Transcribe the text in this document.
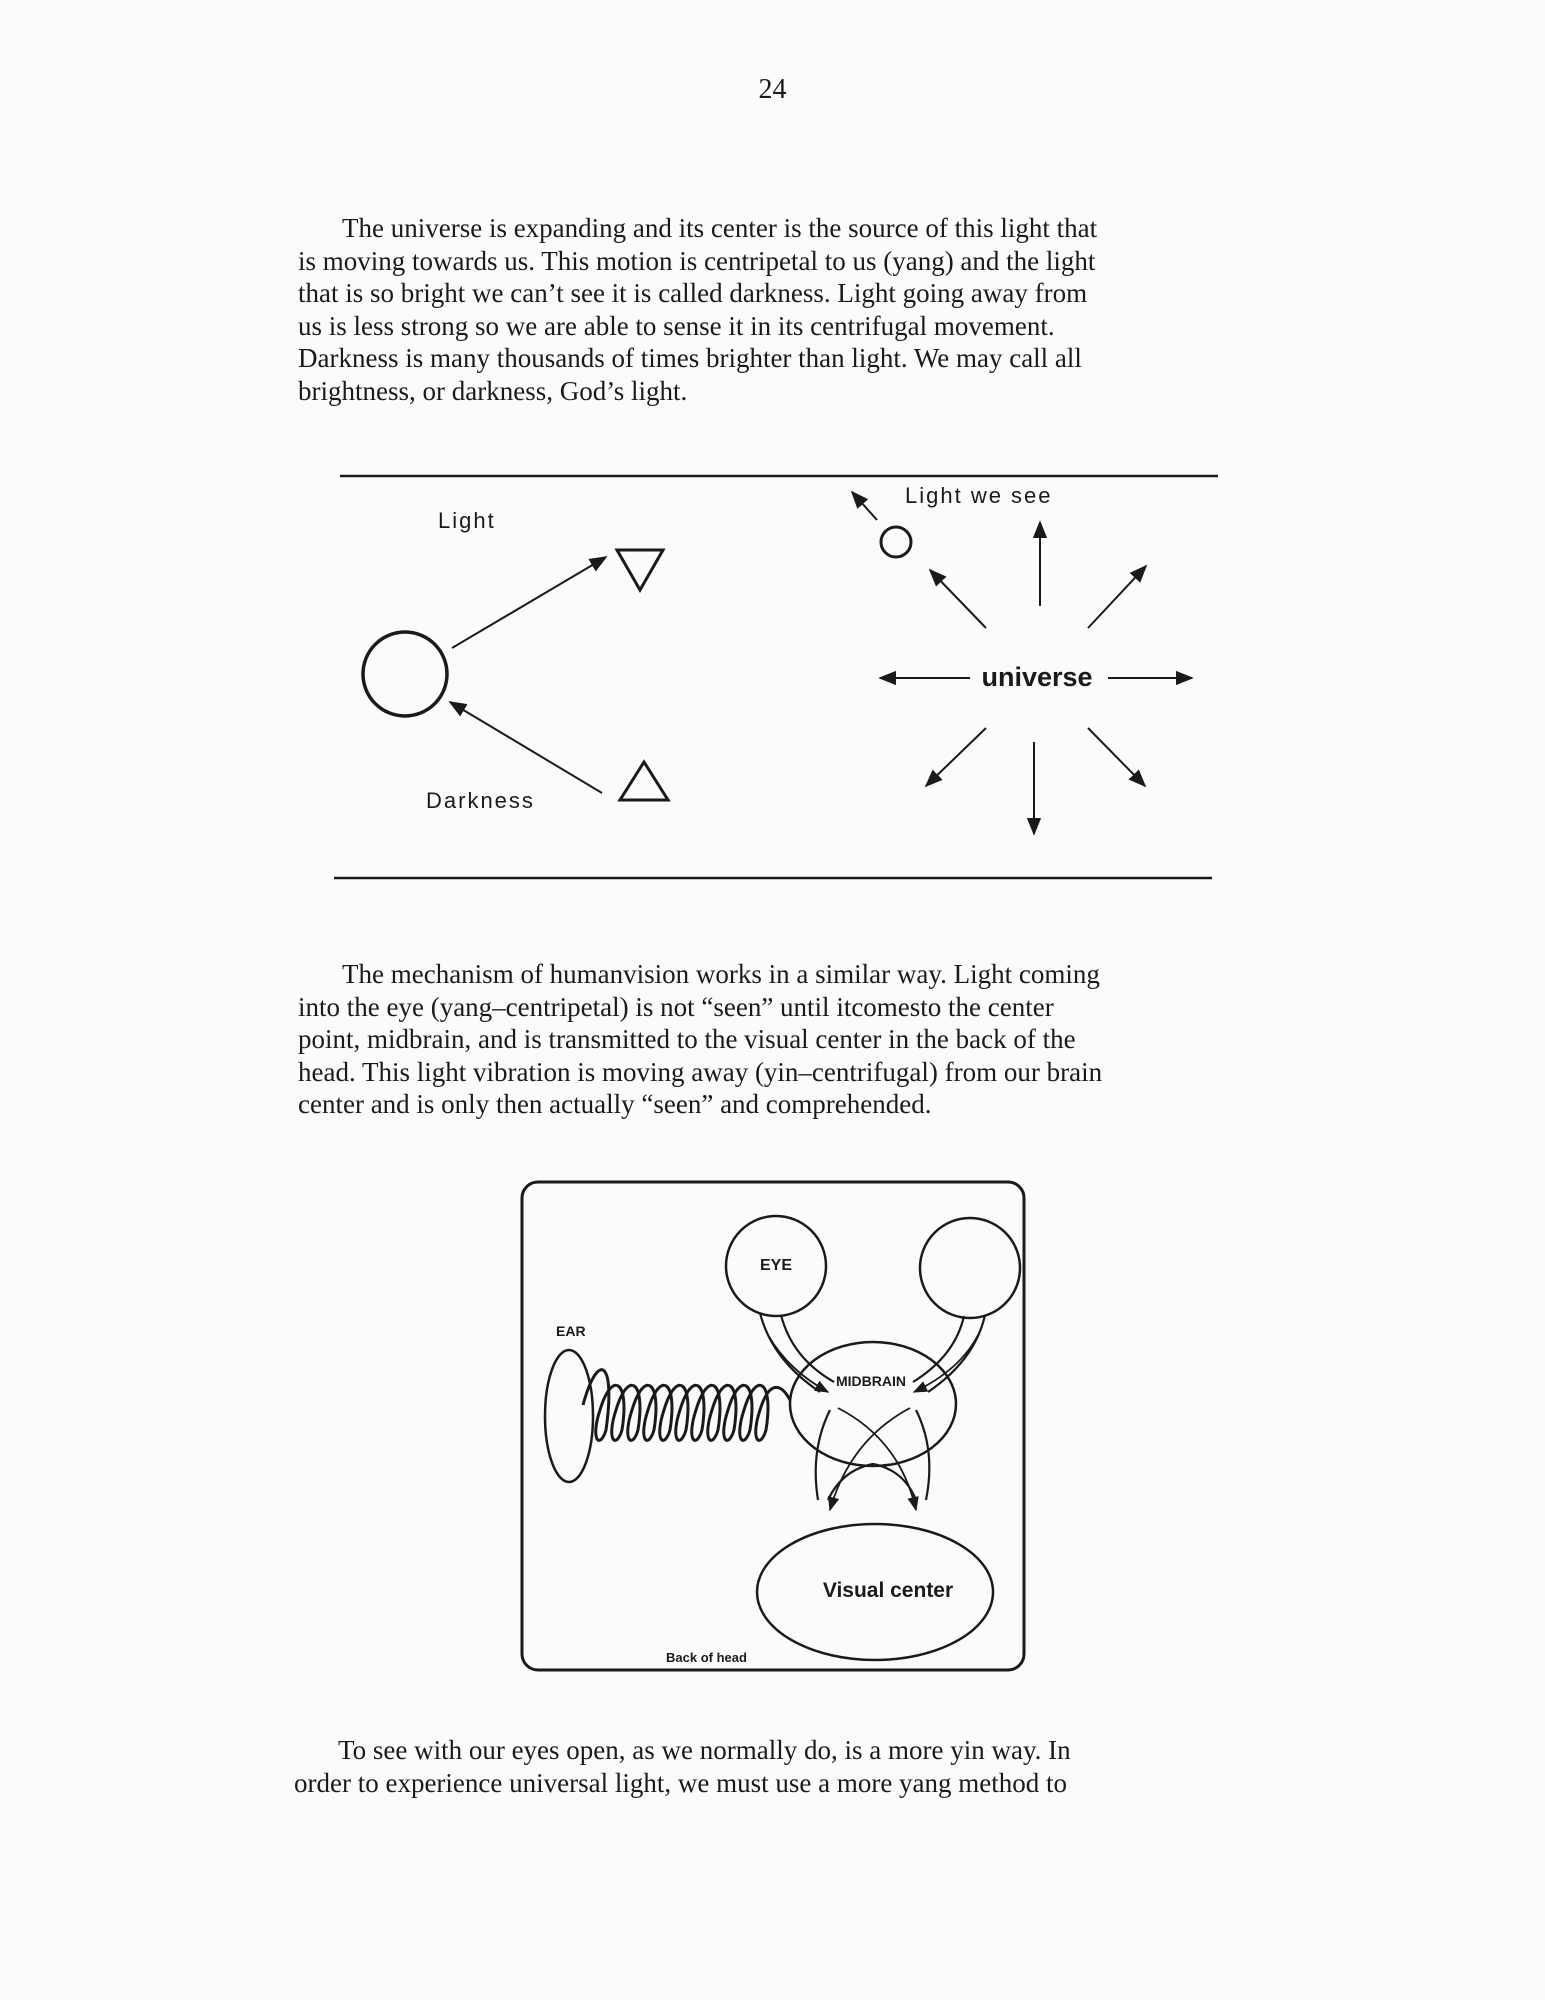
24

The universe is expanding and its center is the source of this light that
is moving towards us. This motion is centripetal to us (yang) and the light
that is so bright we can’t see it is called darkness. Light going away from
us is less strong so we are able to sense it in its centrifugal movement.
Darkness is many thousands of times brighter than light. We may call all
brightness, or darkness, God’s light.

Light
Darkness
Light we see
universe

The mechanism of humanvision works in a similar way. Light coming
into the eye (yang–centripetal) is not “seen” until itcomesto the center
point, midbrain, and is transmitted to the visual center in the back of the
head. This light vibration is moving away (yin–centrifugal) from our brain
center and is only then actually “seen” and comprehended.

EYE
MIDBRAIN
Visual center
Back of head
EAR

To see with our eyes open, as we normally do, is a more yin way. In
order to experience universal light, we must use a more yang method to
